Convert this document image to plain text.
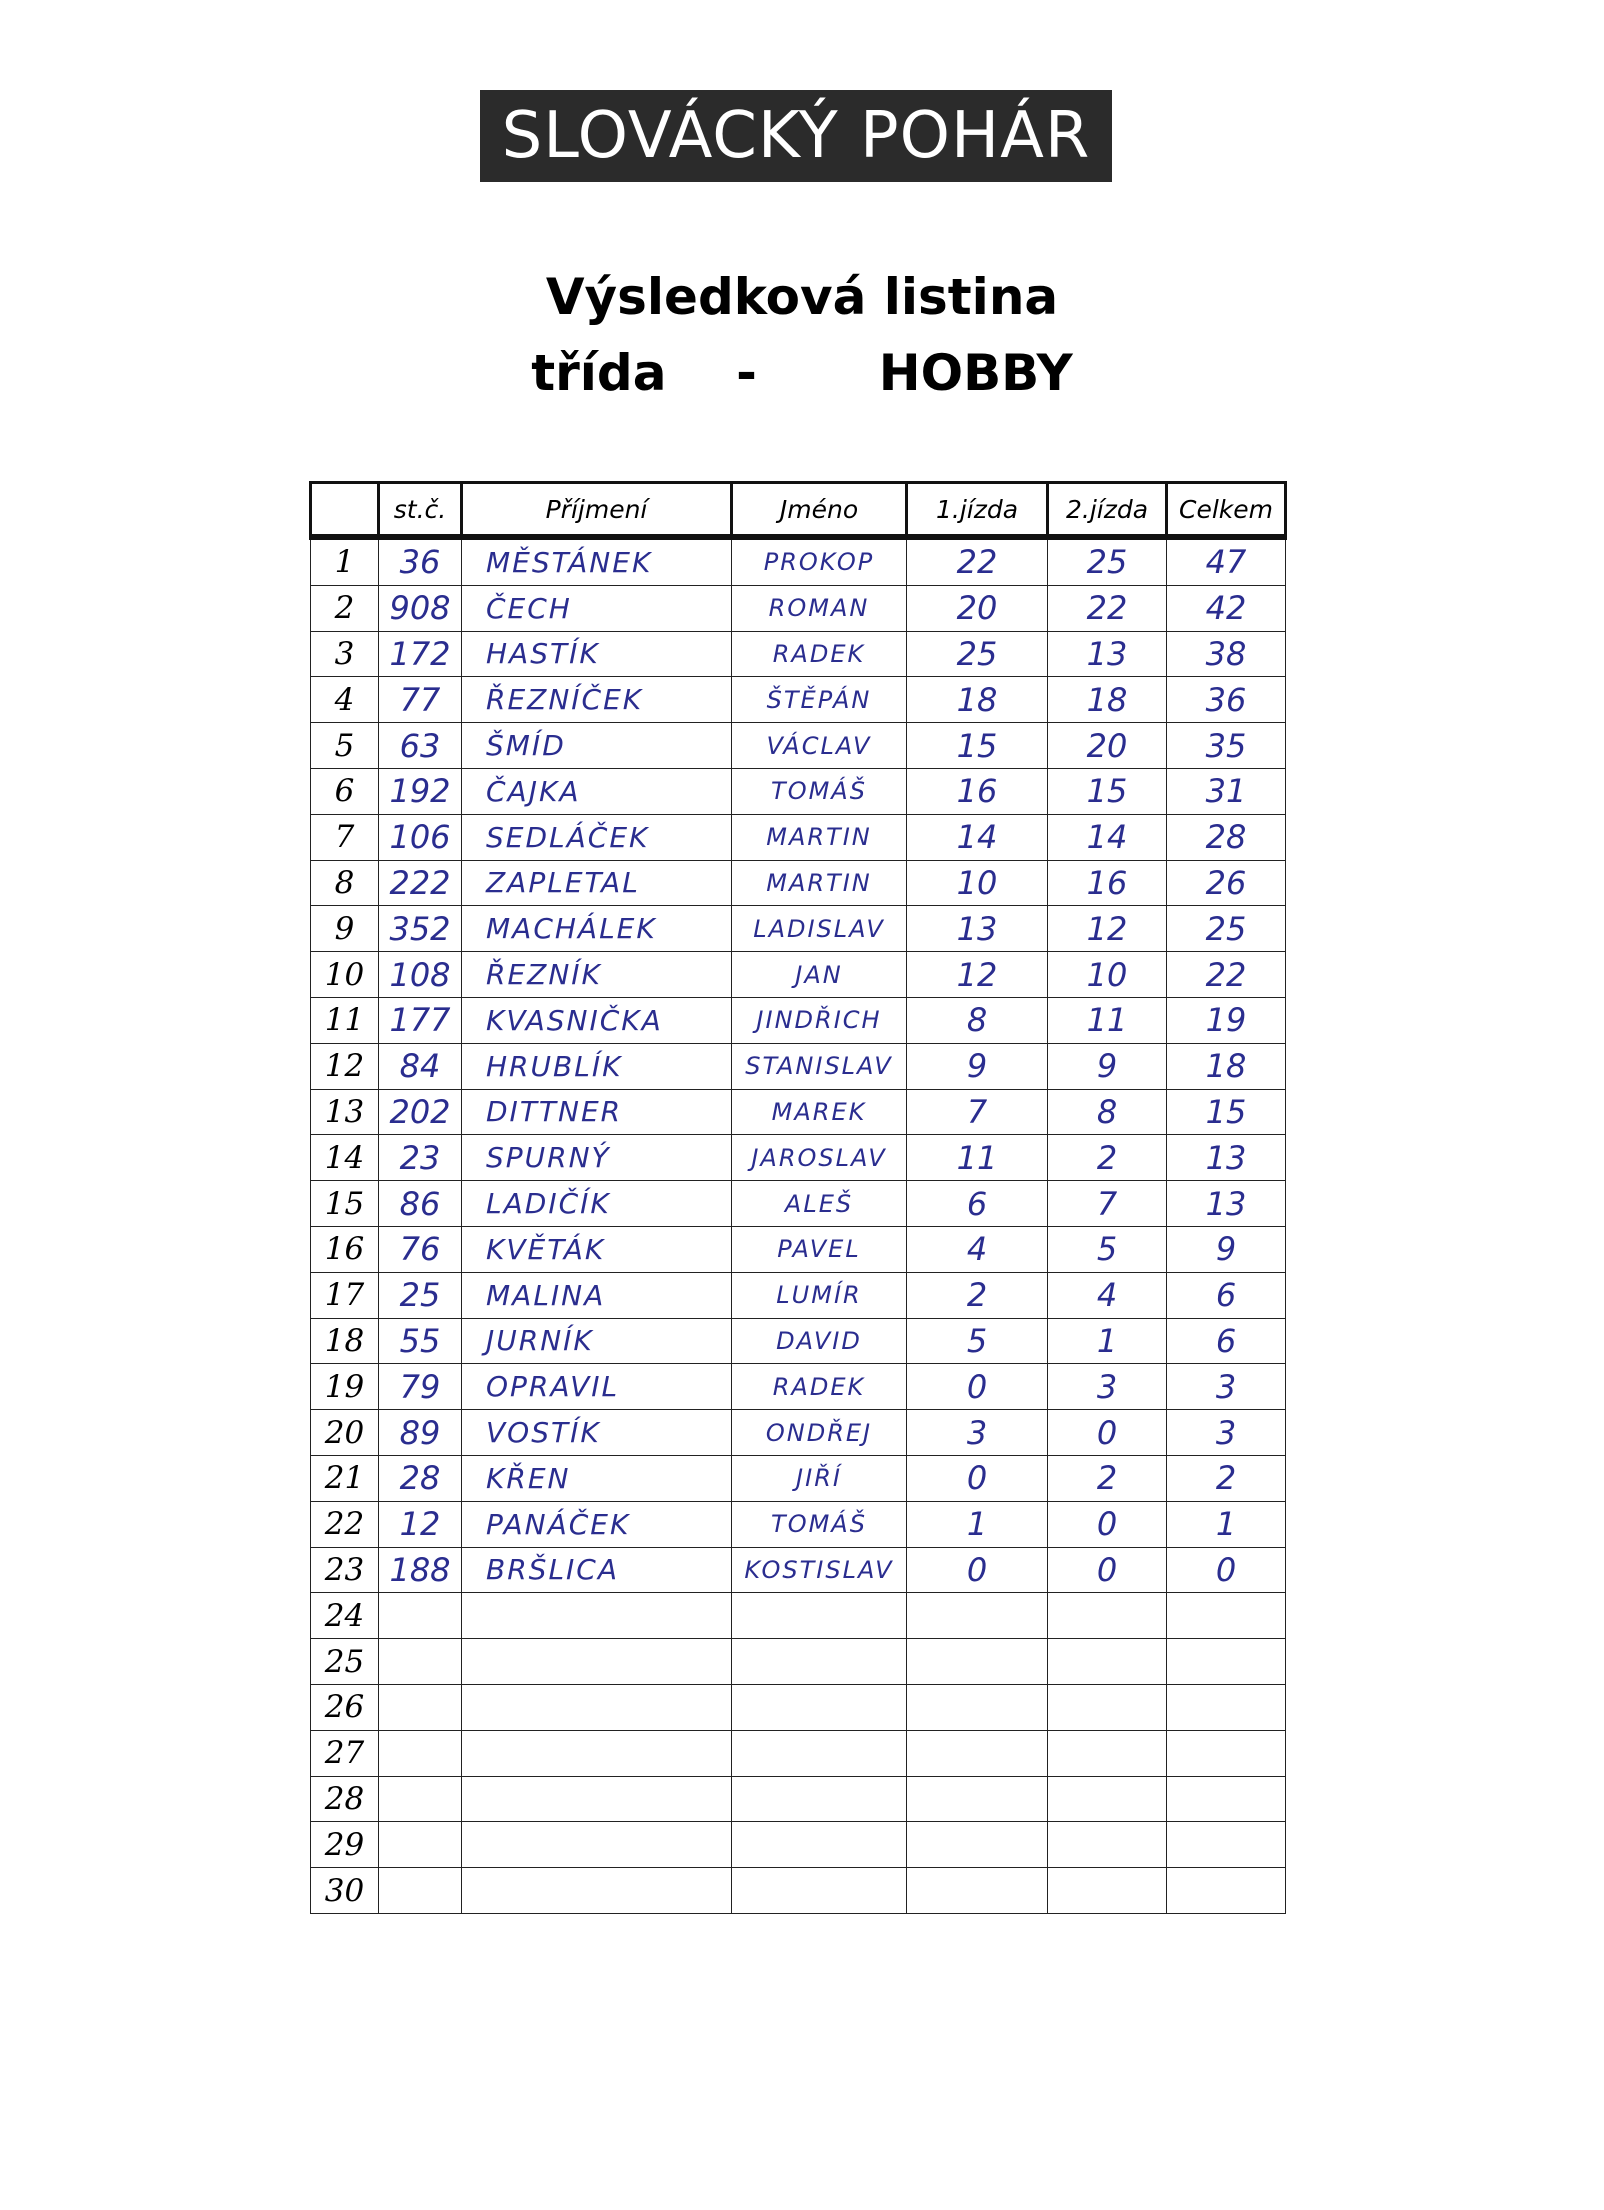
SLOVÁCKÝ POHÁR
Výsledková listina
třída - HOBBY
	st.č.	Příjmení	Jméno	1.jízda	2.jízda	Celkem
1	36	MĚSTÁNEK	PROKOP	22	25	47
2	908	ČECH	ROMAN	20	22	42
3	172	HASTÍK	RADEK	25	13	38
4	77	ŘEZNÍČEK	ŠTĚPÁN	18	18	36
5	63	ŠMÍD	VÁCLAV	15	20	35
6	192	ČAJKA	TOMÁŠ	16	15	31
7	106	SEDLÁČEK	MARTIN	14	14	28
8	222	ZAPLETAL	MARTIN	10	16	26
9	352	MACHÁLEK	LADISLAV	13	12	25
10	108	ŘEZNÍK	JAN	12	10	22
11	177	KVASNIČKA	JINDŘICH	8	11	19
12	84	HRUBLÍK	STANISLAV	9	9	18
13	202	DITTNER	MAREK	7	8	15
14	23	SPURNÝ	JAROSLAV	11	2	13
15	86	LADIČÍK	ALEŠ	6	7	13
16	76	KVĚTÁK	PAVEL	4	5	9
17	25	MALINA	LUMÍR	2	4	6
18	55	JURNÍK	DAVID	5	1	6
19	79	OPRAVIL	RADEK	0	3	3
20	89	VOSTÍK	ONDŘEJ	3	0	3
21	28	KŘEN	JIŘÍ	0	2	2
22	12	PANÁČEK	TOMÁŠ	1	0	1
23	188	BRŠLICA	KOSTISLAV	0	0	0
24						
25						
26						
27						
28						
29						
30						
